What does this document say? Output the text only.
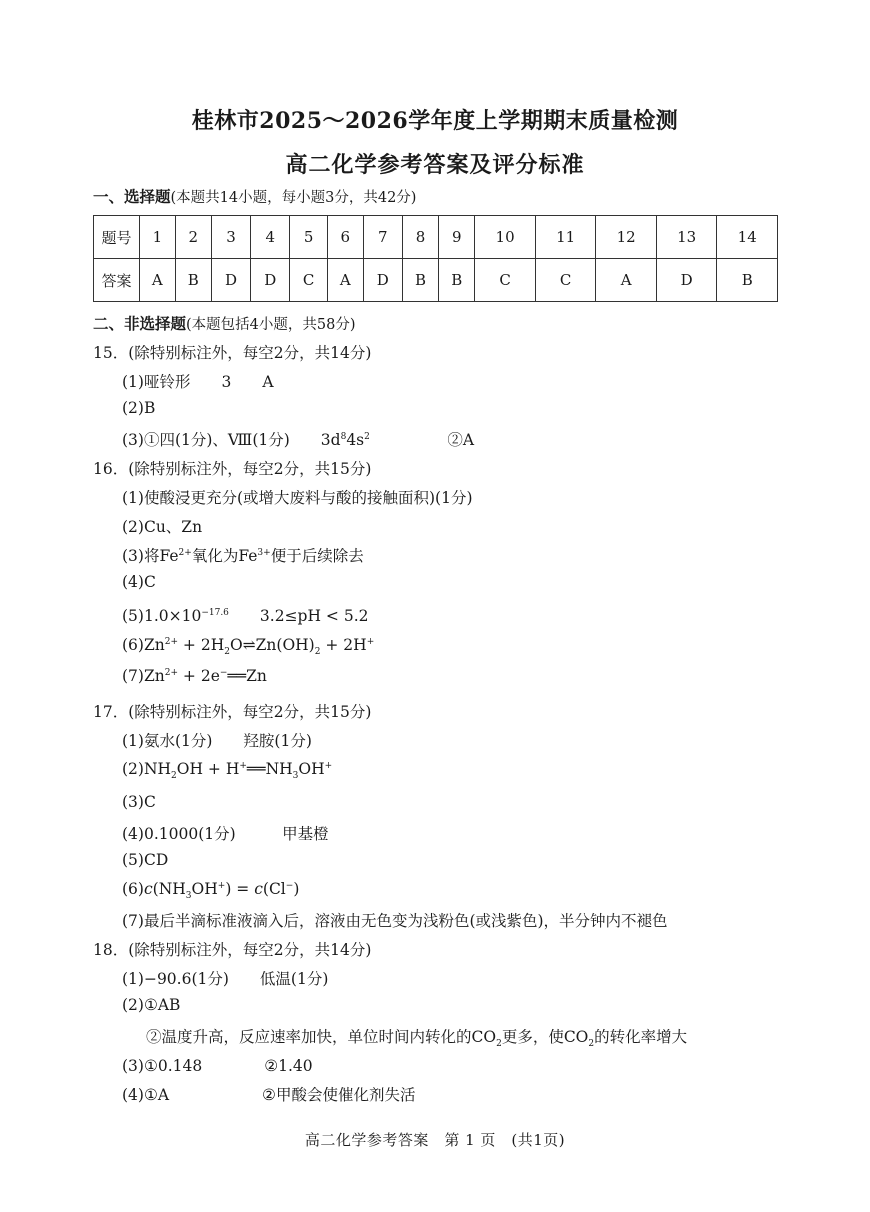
桂林市2025～2026学年度上学期期末质量检测
高二化学参考答案及评分标准
一、选择题(本题共14小题，每小题3分，共42分)
题号	1	2	3	4	5	6	7	8	9	10	11	12	13	14
答案	A	B	D	D	C	A	D	B	B	C	C	A	D	B
二、非选择题(本题包括4小题，共58分)
15．(除特别标注外，每空2分，共14分)
(1)哑铃形　　3　　A
(2)B
(3)①四(1分)、Ⅷ(1分)　　$3d^84s^2$　　　　　②A
16．(除特别标注外，每空2分，共15分)
(1)使酸浸更充分(或增大废料与酸的接触面积)(1分)
(2)Cu、Zn
(3)将$Fe^{2+}$氧化为$Fe^{3+}$便于后续除去
(4)C
$(5)1.0\times 10^{-17.6}$　　3.2≤pH < 5.2
$(6)Zn^{2+}$ + $2H_2O\rightleftharpoons Zn(OH)_2 + 2H^+$
$(7)Zn^{2+}$ + 2e−══Zn
17．(除特别标注外，每空2分，共15分)
(1)氨水(1分)　　羟胺(1分)
$(2)NH_2OH$ + $H^+══NH_3OH^+$
(3)C
(4)0.1000(1分)　　　甲基橙
(5)CD
$(6)c(NH_3OH^+) = c(Cl^-)$
(7)最后半滴标准液滴入后，溶液由无色变为浅粉色(或浅紫色)，半分钟内不褪色
18．(除特别标注外，每空2分，共14分)
(1)−90.6(1分)　　低温(1分)
(2)①AB
②温度升高，反应速率加快，单位时间内转化的$CO_2$更多，使$CO_2$的转化率增大
(3)①0.148　　　　②1.40
(4)①A　　　　　　②甲酸会使催化剂失活
高二化学参考答案　第 1 页　(共1页)
